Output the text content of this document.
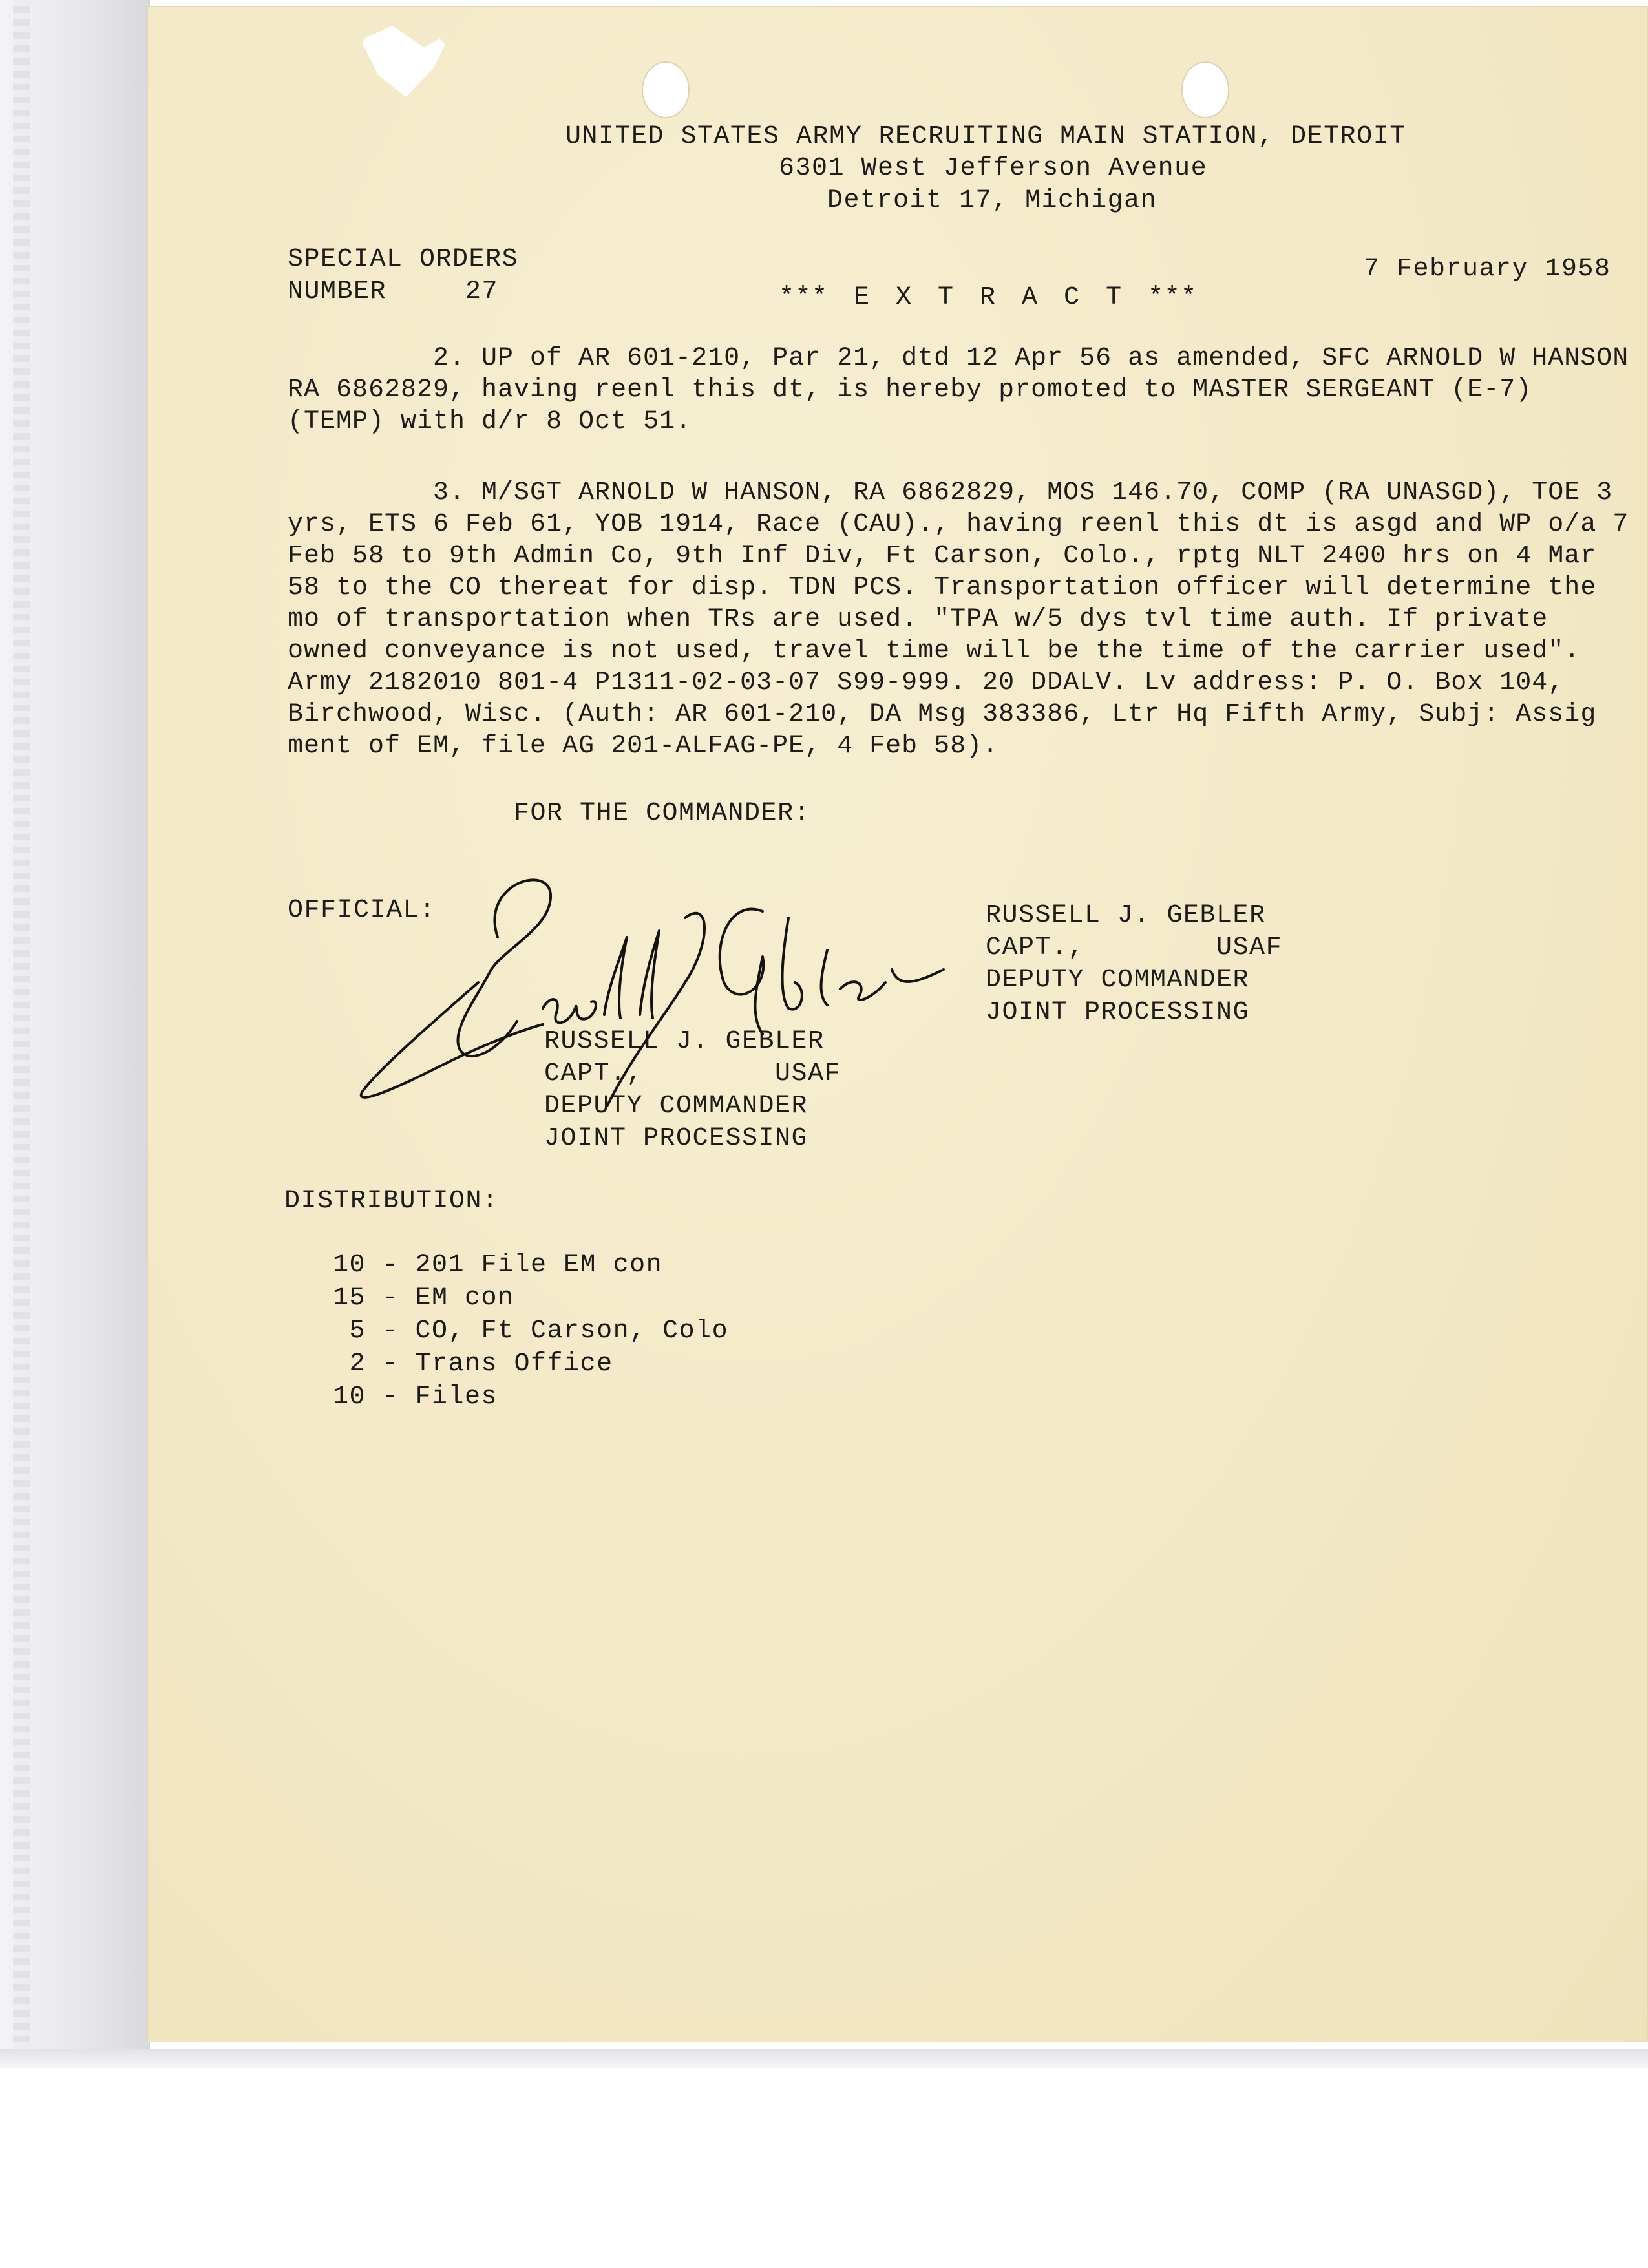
UNITED STATES ARMY RECRUITING MAIN STATION, DETROIT
6301 West Jefferson Avenue
Detroit 17, Michigan
SPECIAL ORDERS
NUMBER	27
7 February 1958
*** E X T R A C T ***
2. UP of AR 601-210, Par 21, dtd 12 Apr 56 as amended, SFC ARNOLD W HANSON RA 6862829, having reenl this dt, is hereby promoted to MASTER SERGEANT (E-7) (TEMP) with d/r 8 Oct 51.
3. M/SGT ARNOLD W HANSON, RA 6862829, MOS 146.70, COMP (RA UNASGD), TOE 3 yrs, ETS 6 Feb 61, YOB 1914, Race (CAU)., having reenl this dt is asgd and WP o/a 7 Feb 58 to 9th Admin Co, 9th Inf Div, Ft Carson, Colo., rptg NLT 2400 hrs on 4 Mar 58 to the CO thereat for disp. TDN PCS. Transportation officer will determine the mo of transportation when TRs are used. "TPA w/5 dys tvl time auth. If private owned conveyance is not used, travel time will be the time of the carrier used". Army 2182010 801-4 P1311-02-03-07 S99-999. 20 DDALV. Lv address: P. O. Box 104, Birchwood, Wisc. (Auth: AR 601-210, DA Msg 383386, Ltr Hq Fifth Army, Subj: Assig ment of EM, file AG 201-ALFAG-PE, 4 Feb 58).
FOR THE COMMANDER:
OFFICIAL:	RUSSELL J. GEBLER
CAPT.,        USAF
DEPUTY COMMANDER
JOINT PROCESSING
RUSSELL J. GEBLER
CAPT.,        USAF
DEPUTY COMMANDER
JOINT PROCESSING
DISTRIBUTION:
10 - 201 File EM con
15 - EM con
5 - CO, Ft Carson, Colo
2 - Trans Office
10 - Files
